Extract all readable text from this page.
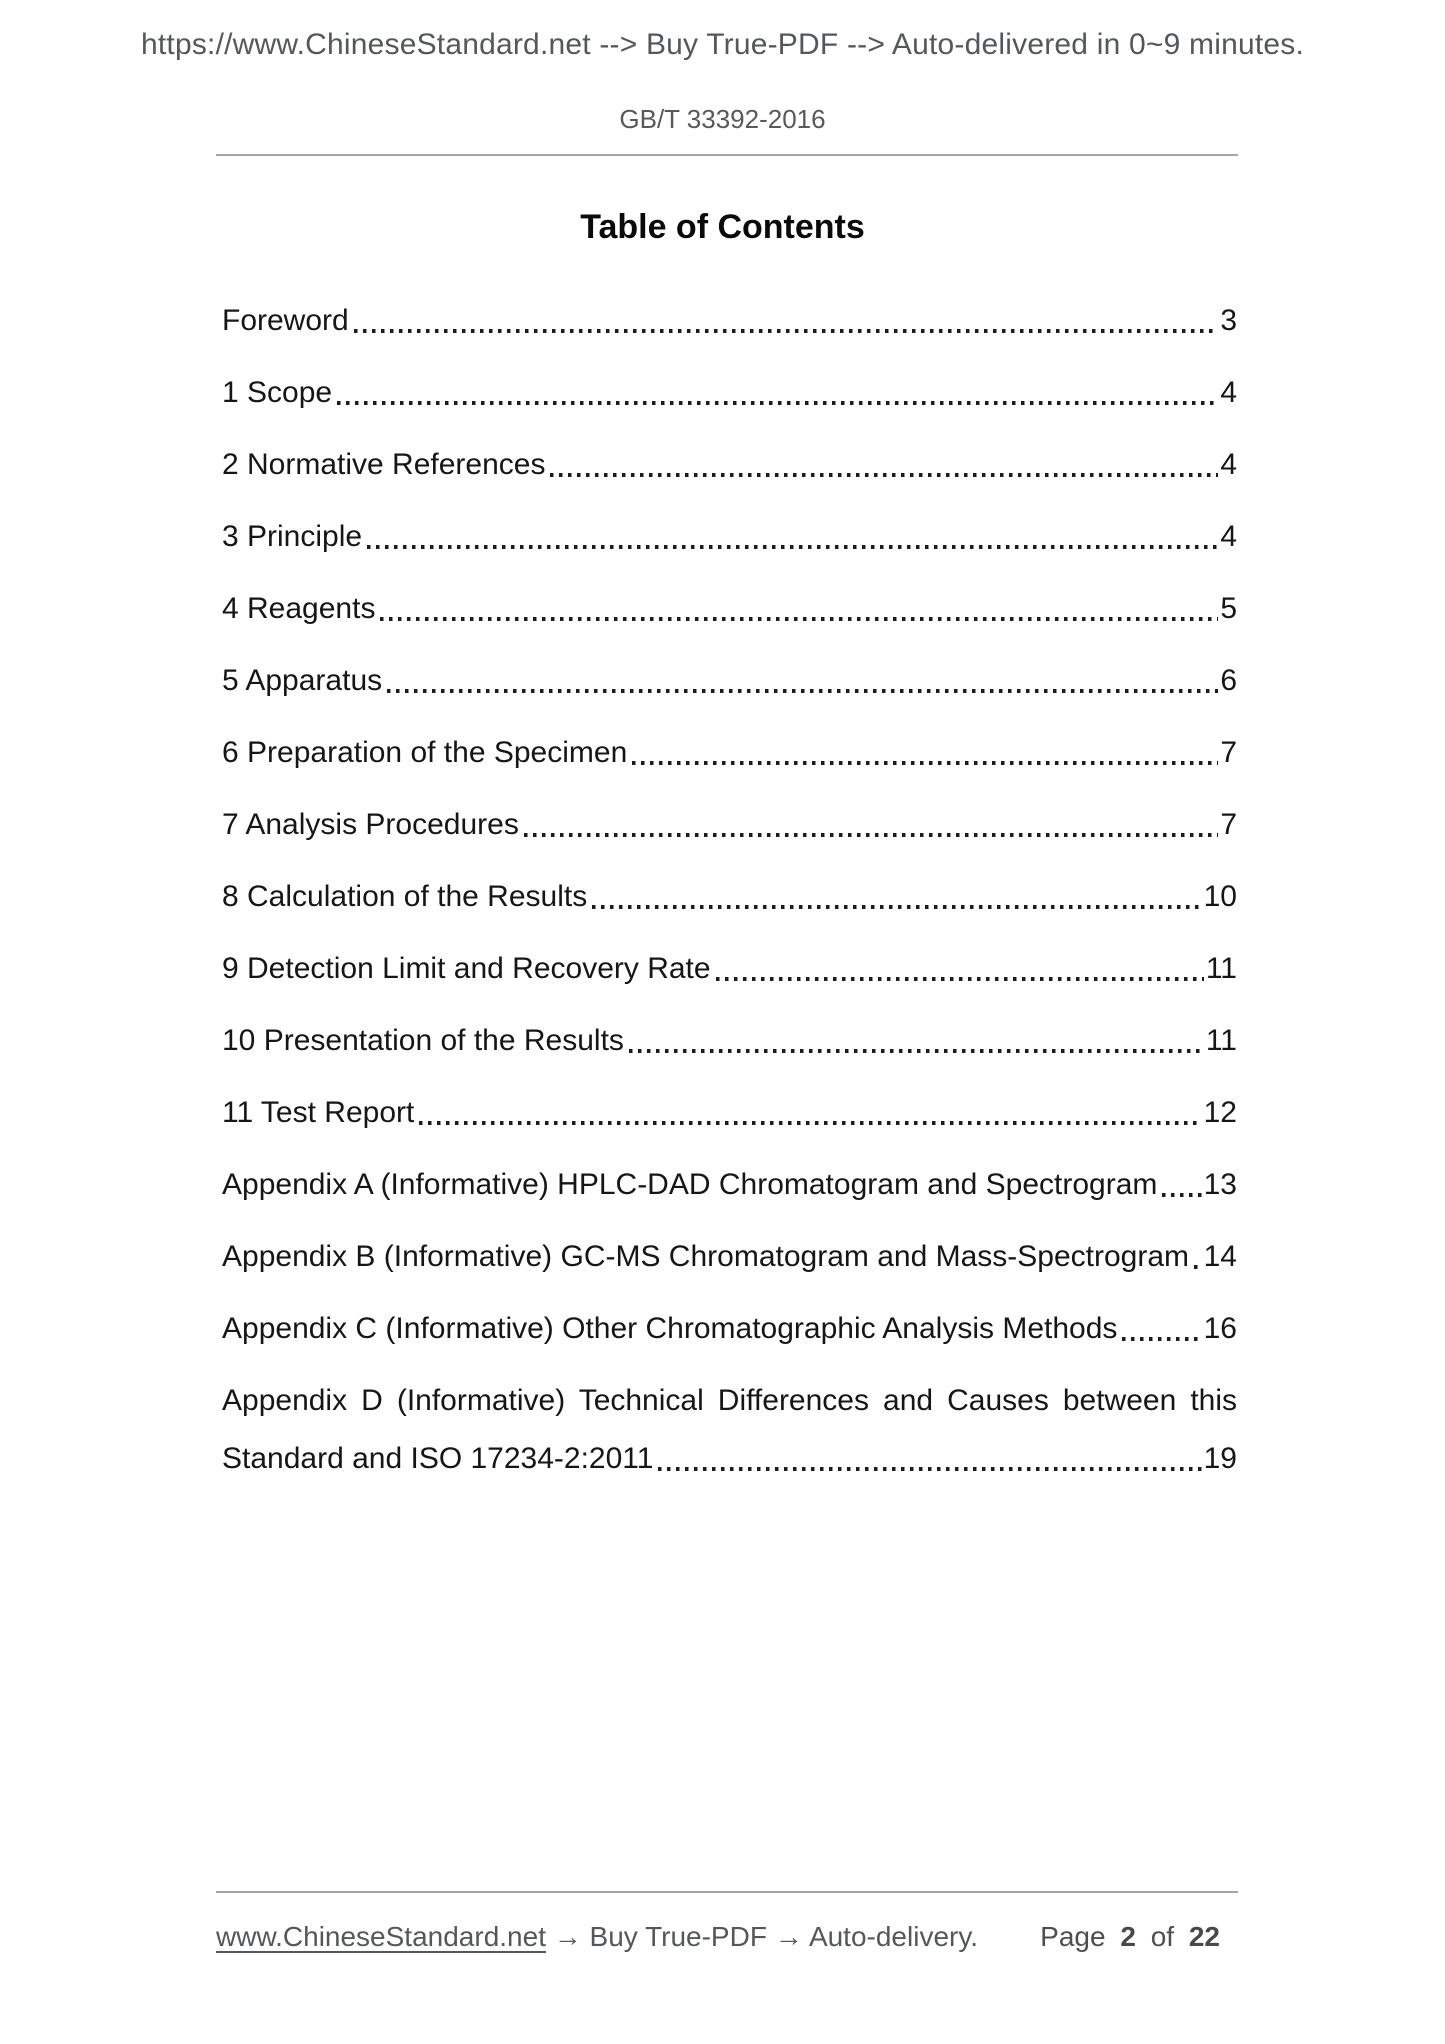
https://www.ChineseStandard.net --> Buy True-PDF --> Auto-delivered in 0~9 minutes.
GB/T 33392-2016
Table of Contents
Foreword	3
1 Scope	4
2 Normative References	4
3 Principle	4
4 Reagents	5
5 Apparatus	6
6 Preparation of the Specimen	7
7 Analysis Procedures	7
8 Calculation of the Results	10
9 Detection Limit and Recovery Rate	11
10 Presentation of the Results	11
11 Test Report	12
Appendix A (Informative) HPLC-DAD Chromatogram and Spectrogram 13
Appendix B (Informative) GC-MS Chromatogram and Mass-Spectrogram 14
Appendix C (Informative) Other Chromatographic Analysis Methods	16
Appendix D (Informative) Technical Differences and Causes between this
Standard and ISO 17234-2:2011	19
www.ChineseStandard.net → Buy True-PDF → Auto-delivery. Page 2 of 22
